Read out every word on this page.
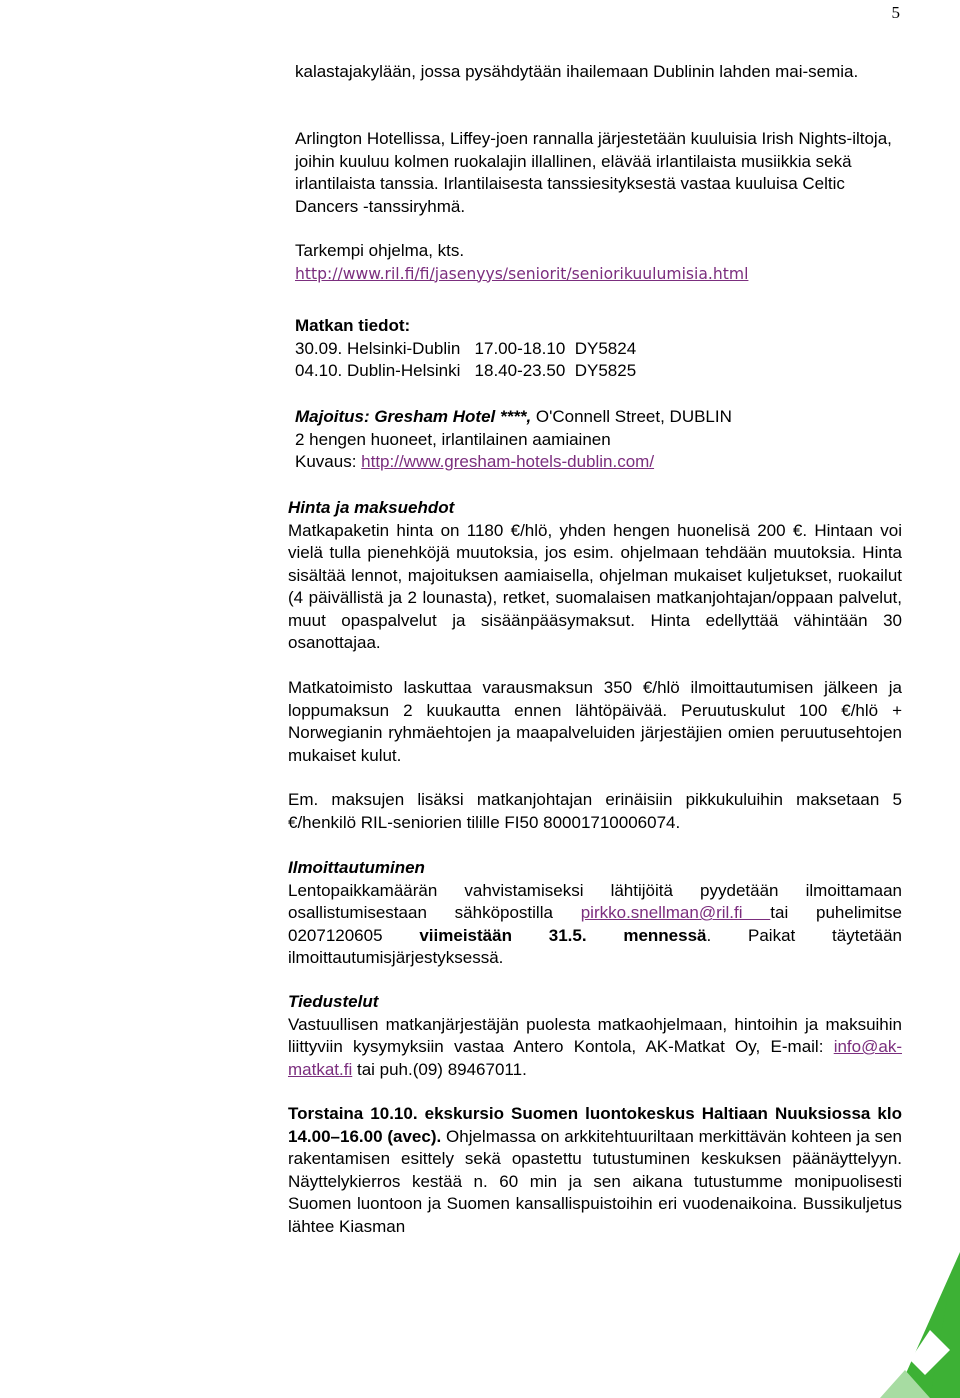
5

kalastajakylään, jossa pysähdytään ihailemaan Dublinin lahden mai-semia.

Arlington Hotellissa, Liffey-joen rannalla järjestetään kuuluisia Irish Nights-iltoja, joihin kuuluu kolmen ruokalajin illallinen, elävää irlantilaista musiikkia sekä irlantilaista tanssia. Irlantilaisesta tanssiesityksestä vastaa kuuluisa Celtic Dancers -tanssiryhmä.

Tarkempi ohjelma, kts.

http://www.ril.fi/fi/jasenyys/seniorit/seniorikuulumisia.html

Matkan tiedot:

30.09. Helsinki-Dublin   17.00-18.10  DY5824

04.10. Dublin-Helsinki   18.40-23.50  DY5825

Majoitus: Gresham Hotel ****, O'Connell Street, DUBLIN

2 hengen huoneet, irlantilainen aamiainen

Kuvaus: http://www.gresham-hotels-dublin.com/

Hinta ja maksuehdot

Matkapaketin hinta on 1180 €/hlö, yhden hengen huonelisä 200 €. Hintaan voi vielä tulla pienehköjä muutoksia, jos esim. ohjelmaan tehdään muutoksia. Hinta sisältää lennot, majoituksen aamiaisella, ohjelman mukaiset kuljetukset, ruokailut (4 päivällistä ja 2 lounasta), retket, suomalaisen matkanjohtajan/oppaan palvelut, muut opaspalvelut ja sisäänpääsymaksut. Hinta edellyttää vähintään 30 osanottajaa.

Matkatoimisto laskuttaa varausmaksun 350 €/hlö ilmoittautumisen jälkeen ja loppumaksun 2 kuukautta ennen lähtöpäivää. Peruutuskulut 100 €/hlö + Norwegianin ryhmäehtojen ja maapalveluiden järjestäjien omien peruutusehtojen mukaiset kulut.

Em. maksujen lisäksi matkanjohtajan erinäisiin pikkukuluihin maksetaan 5 €/henkilö RIL-seniorien tilille FI50 80001710006074.

Ilmoittautuminen

Lentopaikkamäärän vahvistamiseksi lähtijöitä pyydetään ilmoittamaan osallistumisestaan sähköpostilla pirkko.snellman@ril.fi tai puhelimitse 0207120605 viimeistään 31.5. mennessä. Paikat täytetään ilmoittautumisjärjestyksessä.

Tiedustelut

Vastuullisen matkanjärjestäjän puolesta matkaohjelmaan, hintoihin ja maksuihin liittyviin kysymyksiin vastaa Antero Kontola, AK-Matkat Oy, E-mail: info@ak-matkat.fi tai puh.(09) 89467011.

Torstaina 10.10. ekskursio Suomen luontokeskus Haltiaan Nuuksiossa klo 14.00–16.00 (avec). Ohjelmassa on arkkitehtuuriltaan merkittävän kohteen ja sen rakentamisen esittely sekä opastettu tutustuminen keskuksen päänäyttelyyn. Näyttelykierros kestää n. 60 min ja sen aikana tutustumme monipuolisesti Suomen luontoon ja Suomen kansallispuistoihin eri vuodenaikoina. Bussikuljetus lähtee Kiasman
